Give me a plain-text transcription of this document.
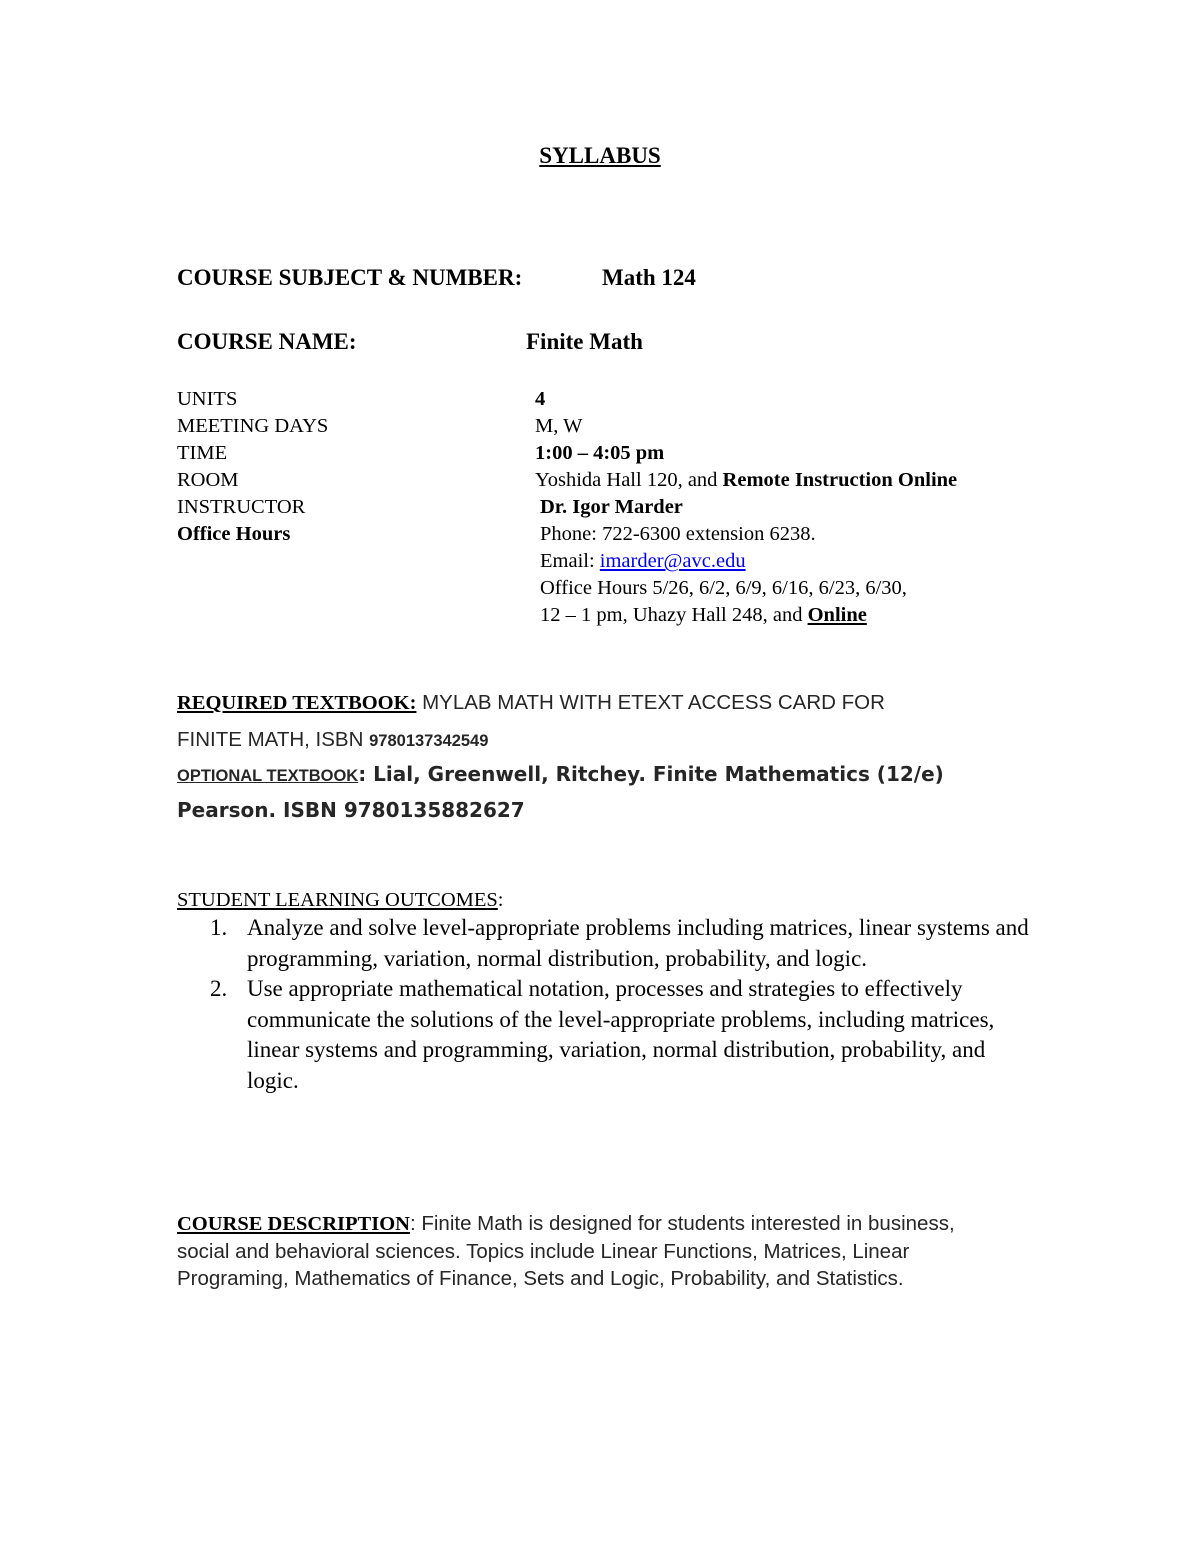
SYLLABUS
COURSE SUBJECT & NUMBER:	Math 124
COURSE NAME:	Finite Math
UNITS	4
MEETING DAYS	M, W
TIME	1:00 – 4:05 pm
ROOM	Yoshida Hall 120, and Remote Instruction Online
INSTRUCTOR	Dr. Igor Marder
Office Hours	Phone: 722-6300 extension 6238.
Email: imarder@avc.edu
Office Hours 5/26, 6/2, 6/9, 6/16, 6/23, 6/30,
12 – 1 pm, Uhazy Hall 248, and Online
REQUIRED TEXTBOOK: MYLAB MATH WITH ETEXT ACCESS CARD FOR
FINITE MATH, ISBN 9780137342549
OPTIONAL TEXTBOOK: Lial, Greenwell, Ritchey. Finite Mathematics (12/e)
Pearson. ISBN 9780135882627
STUDENT LEARNING OUTCOMES:
1. Analyze and solve level-appropriate problems including matrices, linear systems and programming, variation, normal distribution, probability, and logic.
2. Use appropriate mathematical notation, processes and strategies to effectively communicate the solutions of the level-appropriate problems, including matrices, linear systems and programming, variation, normal distribution, probability, and logic.
COURSE DESCRIPTION: Finite Math is designed for students interested in business, social and behavioral sciences. Topics include Linear Functions, Matrices, Linear Programing, Mathematics of Finance, Sets and Logic, Probability, and Statistics.
